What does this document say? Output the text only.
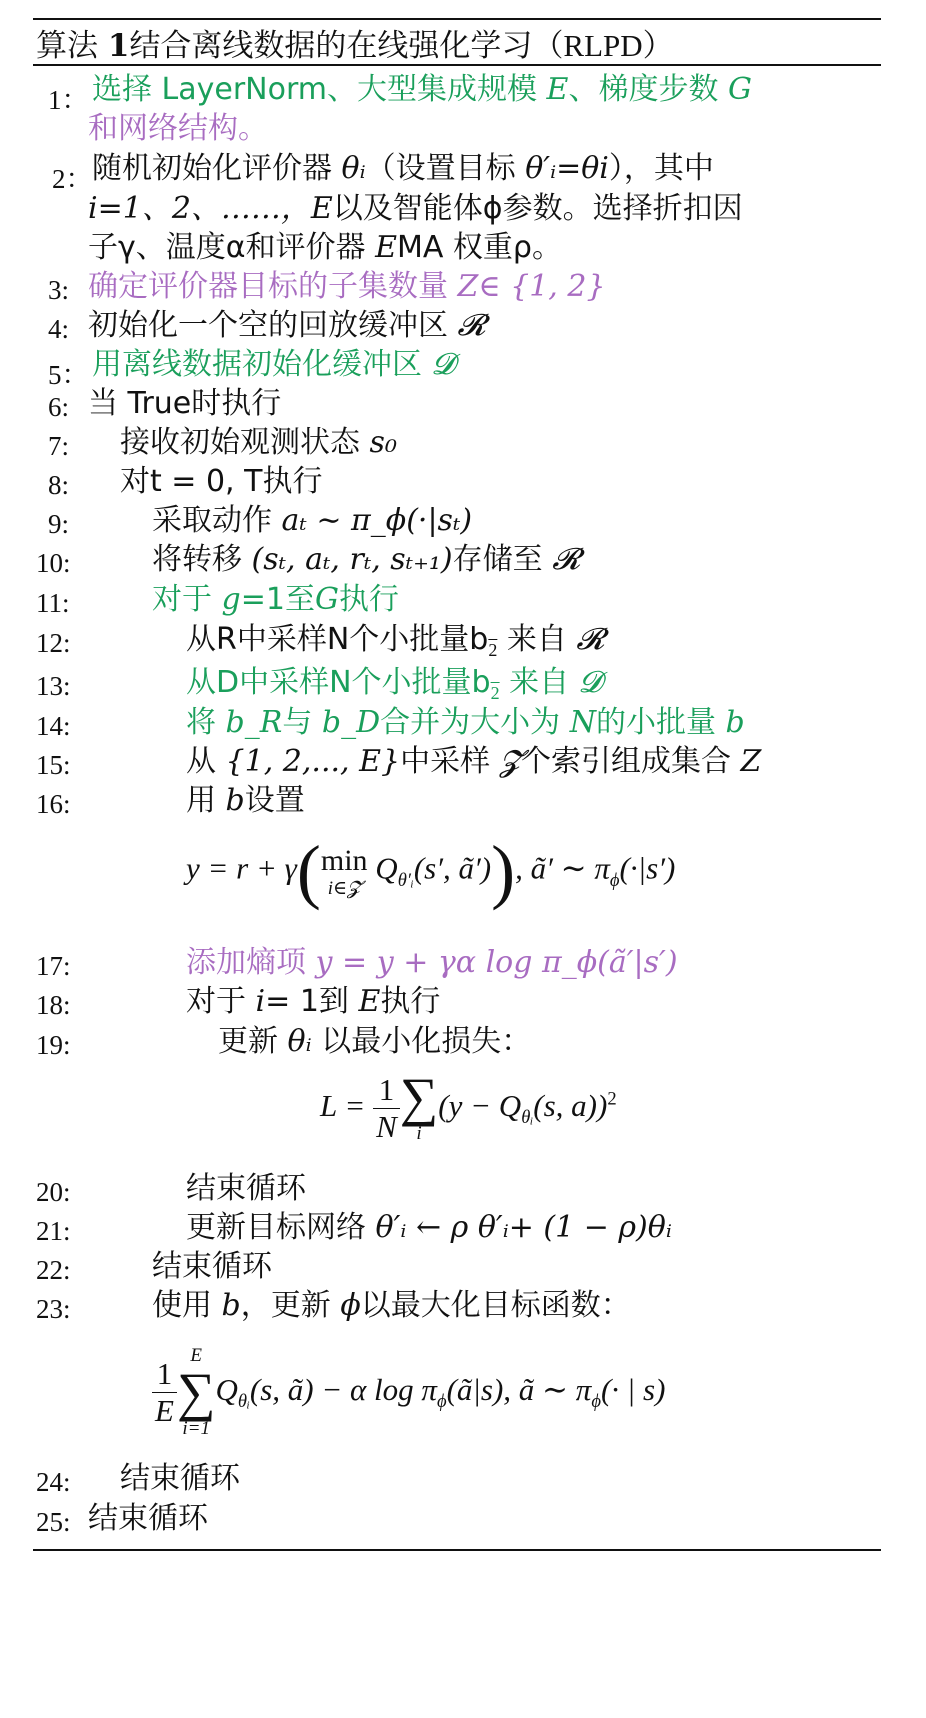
算法 1结合离线数据的在线强化学习（RLPD）
1： 选择 LayerNorm、大型集成规模 E、梯度步数 G
和网络结构。
2： 随机初始化评价器 θᵢ（设置目标 θ′ᵢ=θi），其中
i=1、2、……，E以及智能体ϕ参数。选择折扣因
子γ、温度α和评价器 EMA 权重ρ。
3: 确定评价器目标的子集数量 Z∈ {1, 2}
4: 初始化一个空的回放缓冲区 𝓡
5： 用离线数据初始化缓冲区 𝓓
6: 当 True时执行
7: 接收初始观测状态 s₀
8: 对t = 0, T执行
9:	采取动作 aₜ ∼ π_ϕ(·|sₜ)
10:	将转移 (sₜ, aₜ, rₜ, sₜ₊₁)存储至 𝓡
11:	对于 g=1至G执行
12:	从R中采样N个小批量$b_2$ 来自 𝓡
13:	从D中采样N个小批量$b_2$ 来自 𝓓
14:	将 b_R与 b_D合并为大小为 N的小批量 b
15:	从 {1, 2,..., E}中采样 𝓩个索引组成集合 Z
16:	用 b设置
y = r + γ( min
i∈𝓩
$Q_{\theta'ᵢ}(s'$, ã′)), ã′ ∼ $\pi_\phi(\cdot|s')$
17:	添加熵项 y = y + γα log π_ϕ(ã′|s′)
18:	对于 i= 1到 E执行
19:	更新 θᵢ 以最小化损失：
$L = \frac{1}{N}$ ∑
i
($y - Q_{\theta ᵢ}(s$, a))$^2$
20:	结束循环
21:	更新目标网络 θ′ᵢ ← ρ θ′ᵢ+ (1 − ρ)θᵢ
22:	结束循环
23:	使用 b，更新 ϕ以最大化目标函数：
$\frac{1}{E}$
E
∑
i=1
$Q_{\theta ᵢ}(s$, ã) − α $\log \pi_\phi(ã|s)$, ã ∼ $\pi_\phi(\cdot$ | s)
24: 结束循环
25: 结束循环
